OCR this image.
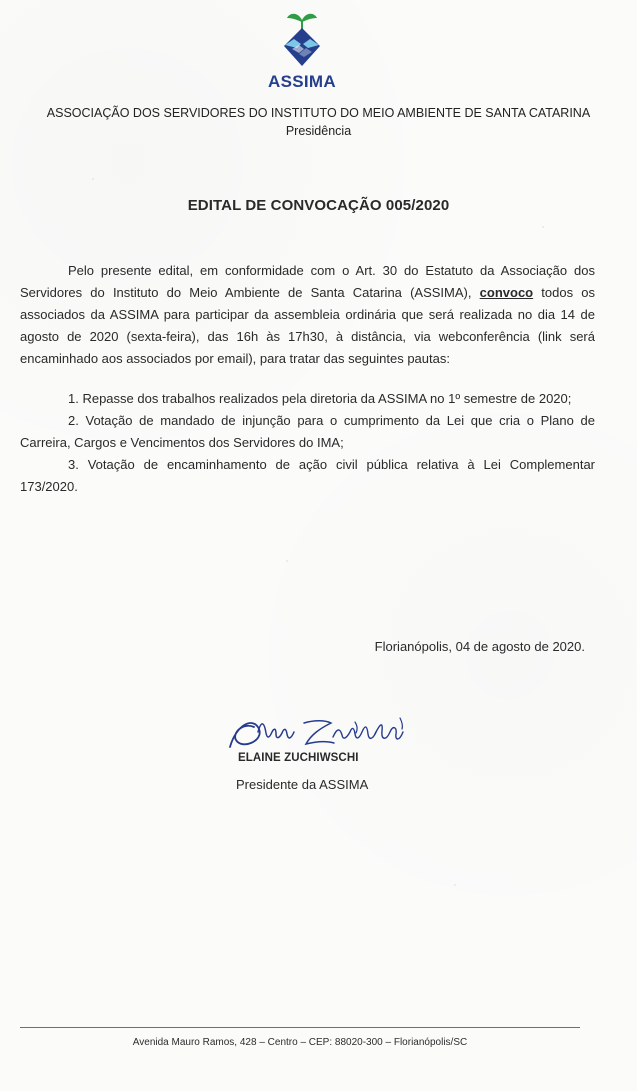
ASSIMA
ASSOCIAÇÃO DOS SERVIDORES DO INSTITUTO DO MEIO AMBIENTE DE SANTA CATARINA
Presidência
EDITAL DE CONVOCAÇÃO 005/2020

Pelo presente edital, em conformidade com o Art. 30 do Estatuto da Associação dos Servidores do Instituto do Meio Ambiente de Santa Catarina (ASSIMA), convoco todos os associados da ASSIMA para participar da assembleia ordinária que será realizada no dia 14 de agosto de 2020 (sexta-feira), das 16h às 17h30, à distância, via webconferência (link será encaminhado aos associados por email), para tratar das seguintes pautas:

1. Repasse dos trabalhos realizados pela diretoria da ASSIMA no 1º semestre de 2020;

2. Votação de mandado de injunção para o cumprimento da Lei que cria o Plano de Carreira, Cargos e Vencimentos dos Servidores do IMA;

3. Votação de encaminhamento de ação civil pública relativa à Lei Complementar 173/2020.

Florianópolis, 04 de agosto de 2020.
ELAINE ZUCHIWSCHI
Presidente da ASSIMA
Avenida Mauro Ramos, 428 – Centro – CEP: 88020-300 – Florianópolis/SC
